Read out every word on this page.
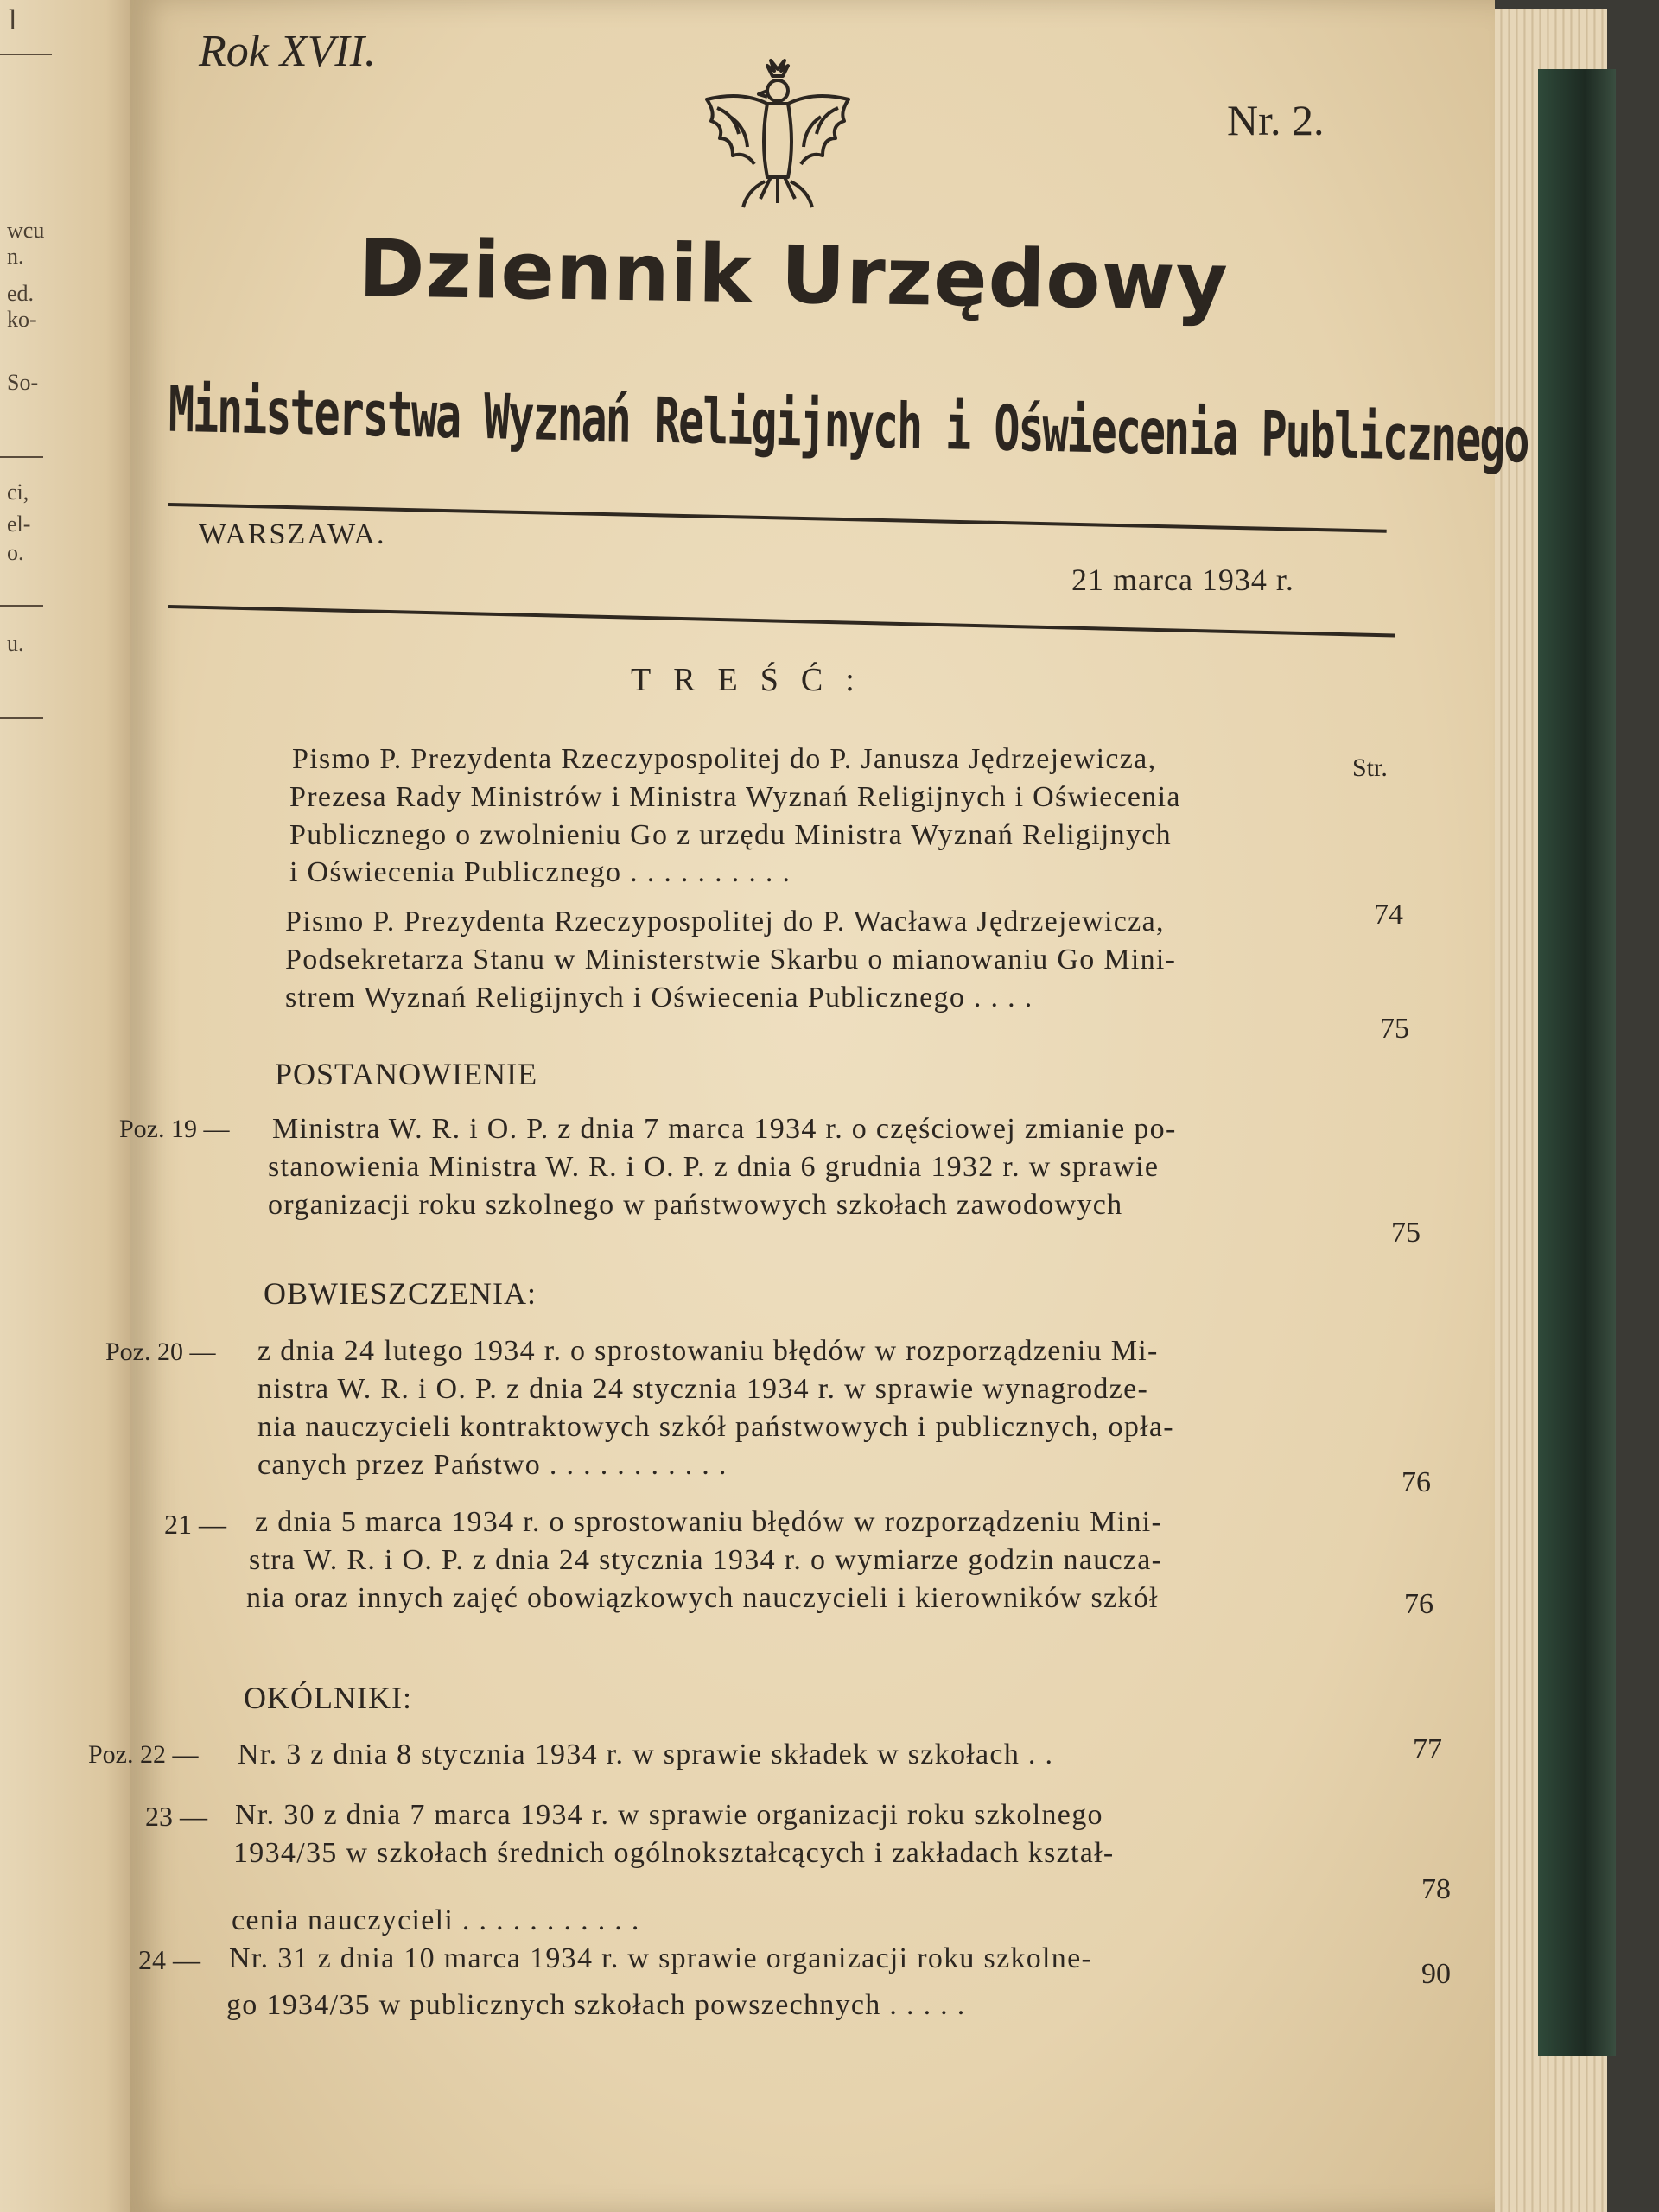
l
wcu
n.
ed.
ko-
So-
ci,
el-
o.
u.
Rok XVII.
Nr. 2.
Dziennik Urzędowy
Ministerstwa Wyznań Religijnych i Oświecenia Publicznego
WARSZAWA.
21 marca 1934 r.
TREŚĆ:
Pismo P. Prezydenta Rzeczypospolitej do P. Janusza Jędrzejewicza,	Str.
Prezesa Rady Ministrów i Ministra Wyznań Religijnych i Oświecenia
Publicznego o zwolnieniu Go z urzędu Ministra Wyznań Religijnych
i Oświecenia Publicznego . . . . . . . . . .
74
Pismo P. Prezydenta Rzeczypospolitej do P. Wacława Jędrzejewicza,
Podsekretarza Stanu w Ministerstwie Skarbu o mianowaniu Go Mini-
strem Wyznań Religijnych i Oświecenia Publicznego . . . .
75
POSTANOWIENIE
Poz. 19 — Ministra W. R. i O. P. z dnia 7 marca 1934 r. o częściowej zmianie po-
stanowienia Ministra W. R. i O. P. z dnia 6 grudnia 1932 r. w sprawie
organizacji roku szkolnego w państwowych szkołach zawodowych
75
OBWIESZCZENIA:
Poz. 20 — z dnia 24 lutego 1934 r. o sprostowaniu błędów w rozporządzeniu Mi-
nistra W. R. i O. P. z dnia 24 stycznia 1934 r. w sprawie wynagrodze-
nia nauczycieli kontraktowych szkół państwowych i publicznych, opła-
canych przez Państwo . . . . . . . . . . .
76
21 — z dnia 5 marca 1934 r. o sprostowaniu błędów w rozporządzeniu Mini-
stra W. R. i O. P. z dnia 24 stycznia 1934 r. o wymiarze godzin naucza-
nia oraz innych zajęć obowiązkowych nauczycieli i kierowników szkół	76
OKÓLNIKI:
Poz. 22 — Nr. 3 z dnia 8 stycznia 1934 r. w sprawie składek w szkołach . .	77
23 — Nr. 30 z dnia 7 marca 1934 r. w sprawie organizacji roku szkolnego
1934/35 w szkołach średnich ogólnokształcących i zakładach kształ-
cenia nauczycieli . . . . . . . . . . .
78
24 — Nr. 31 z dnia 10 marca 1934 r. w sprawie organizacji roku szkolne-
go 1934/35 w publicznych szkołach powszechnych . . . . .
90
